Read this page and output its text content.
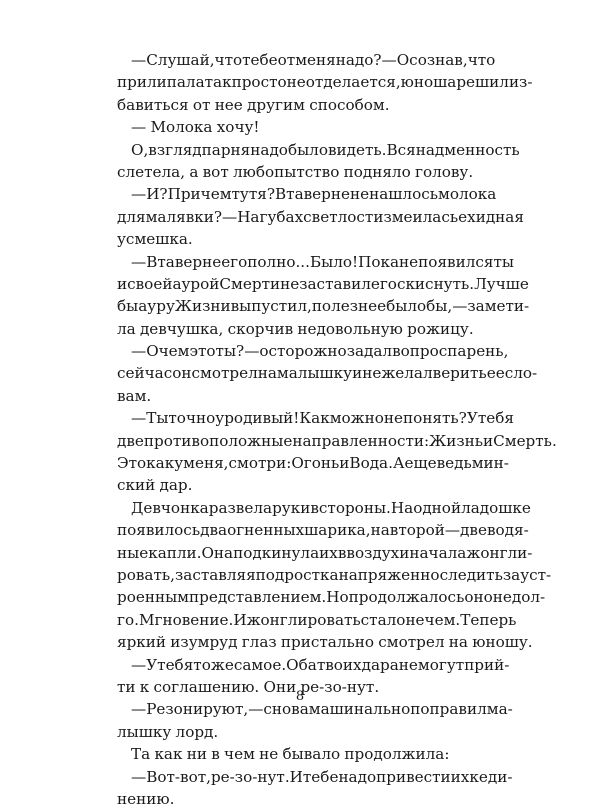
— Слушай, что тебе от меня надо? — Осознав, что
прилипала так просто не отделается, юноша решил из-
бавиться от нее другим способом.
— Молока хочу!
О, взгляд парня надо было видеть. Вся надменность
слетела, а вот любопытство подняло голову.
— И? При чем тут я? В таверне не нашлось молока
для малявки? — На губах светлости змеилась ехидная
усмешка.
— В таверне его полно... Было! Пока не появился ты
и своей аурой Смерти не заставил его скиснуть. Лучше
бы ауру Жизни выпустил, полезнее было бы, — замети-
ла девчушка, скорчив недовольную рожицу.
— О чем это ты? — осторожно задал вопрос парень,
сейчас он смотрел на малышку и не желал верить ее сло-
вам.
— Ты точно уродивый! Как можно не понять? У тебя
две противоположные направленности: Жизнь и Смерть.
Это как у меня, смотри: Огонь и Вода. А еще ведьмин-
ский дар.
Девчонка развела руки в стороны. На одной ладошке
появилось два огненных шарика, на второй — две водя-
ные капли. Она подкинула их в воздух и начала жонгли-
ровать, заставляя подростка напряженно следить за уст-
роенным представлением. Но продолжалось оно недол-
го. Мгновение. И жонглировать стало нечем. Теперь
яркий изумруд глаз пристально смотрел на юношу.
— У тебя то же самое. Оба твоих дара не могут прий-
ти к соглашению. Они ре-зо-нут.
— Резонируют, — снова машинально поправил ма-
лышку лорд.
Та как ни в чем не бывало продолжила:
— Вот-вот, ре-зо-нут. И тебе надо привести их к еди-
нению.
8
